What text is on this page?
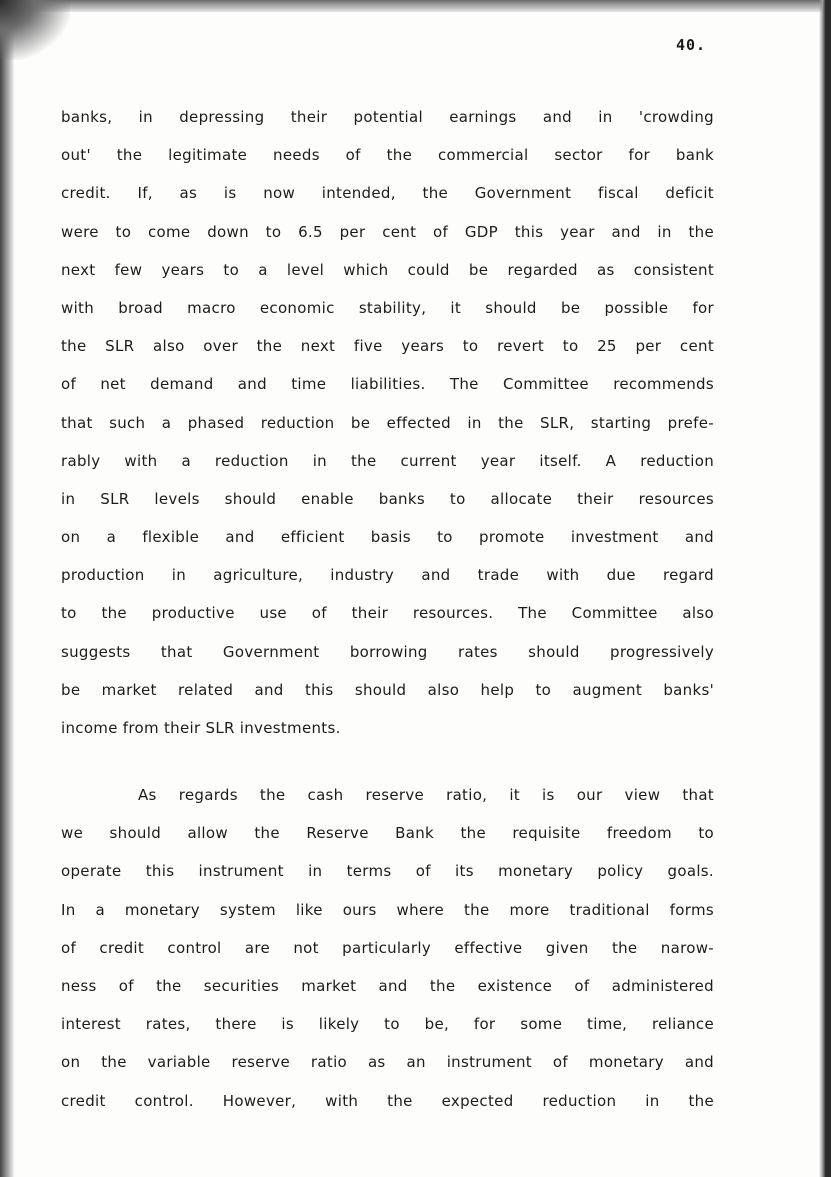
40.
banks, in depressing their potential earnings and in 'crowding
out' the legitimate needs of the commercial sector for bank
credit. If, as is now intended, the Government fiscal deficit
were to come down to 6.5 per cent of GDP this year and in the
next few years to a level which could be regarded as consistent
with broad macro economic stability, it should be possible for
the SLR also over the next five years to revert to 25 per cent
of net demand and time liabilities. The Committee recommends
that such a phased reduction be effected in the SLR, starting prefe-
rably with a reduction in the current year itself. A reduction
in SLR levels should enable banks to allocate their resources
on a flexible and efficient basis to promote investment and
production in agriculture, industry and trade with due regard
to the productive use of their resources. The Committee also
suggests that Government borrowing rates should progressively
be market related and this should also help to augment banks'
income from their SLR investments.
As regards the cash reserve ratio, it is our view that
we should allow the Reserve Bank the requisite freedom to
operate this instrument in terms of its monetary policy goals.
In a monetary system like ours where the more traditional forms
of credit control are not particularly effective given the narow-
ness of the securities market and the existence of administered
interest rates, there is likely to be, for some time, reliance
on the variable reserve ratio as an instrument of monetary and
credit control. However, with the expected reduction in the
